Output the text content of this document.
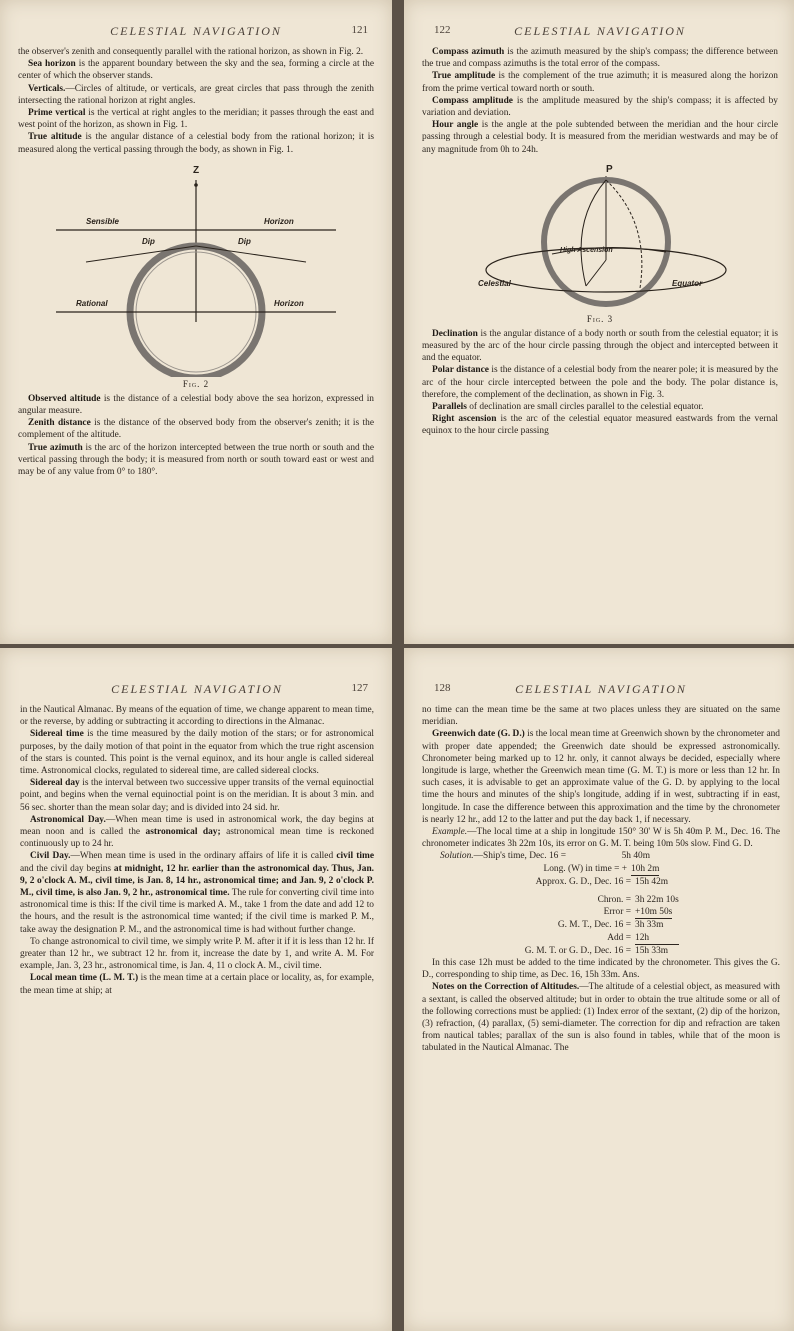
CELESTIAL NAVIGATION	121

the observer's zenith and consequently parallel with the rational horizon, as shown in Fig. 2.

Sea horizon is the apparent boundary between the sky and the sea, forming a circle at the center of which the observer stands.

Verticals.—Circles of altitude, or verticals, are great circles that pass through the zenith intersecting the rational horizon at right angles.

Prime vertical is the vertical at right angles to the meridian; it passes through the east and west point of the horizon, as shown in Fig. 1.

True altitude is the angular distance of a celestial body from the rational horizon; it is measured along the vertical passing through the body, as shown in Fig. 1.

Z
Sensible	Horizon
Dip	Dip
Rational	Horizon
Fig. 2

Observed altitude is the distance of a celestial body above the sea horizon, expressed in angular measure.

Zenith distance is the distance of the observed body from the observer's zenith; it is the complement of the altitude.

True azimuth is the arc of the horizon intercepted between the true north or south and the vertical passing through the body; it is measured from north or south toward east or west and may be of any value from 0° to 180°.

122	CELESTIAL NAVIGATION

Compass azimuth is the azimuth measured by the ship's compass; the difference between the true and compass azimuths is the total error of the compass.

True amplitude is the complement of the true azimuth; it is measured along the horizon from the prime vertical toward north or south.

Compass amplitude is the amplitude measured by the ship's compass; it is affected by variation and deviation.

Hour angle is the angle at the pole subtended between the meridian and the hour circle passing through a celestial body. It is measured from the meridian westwards and may be of any magnitude from 0h to 24h.

P
High Ascension
Celestial	Equator
Fig. 3

Declination is the angular distance of a body north or south from the celestial equator; it is measured by the arc of the hour circle passing through the object and intercepted between it and the equator.

Polar distance is the distance of a celestial body from the nearer pole; it is measured by the arc of the hour circle intercepted between the pole and the body. The polar distance is, therefore, the complement of the declination, as shown in Fig. 3.

Parallels of declination are small circles parallel to the celestial equator.

Right ascension is the arc of the celestial equator measured eastwards from the vernal equinox to the hour circle passing

CELESTIAL NAVIGATION	127

in the Nautical Almanac. By means of the equation of time, we change apparent to mean time, or the reverse, by adding or subtracting it according to directions in the Almanac.

Sidereal time is the time measured by the daily motion of the stars; or for astronomical purposes, by the daily motion of that point in the equator from which the true right ascension of the stars is counted. This point is the vernal equinox, and its hour angle is called sidereal time. Astronomical clocks, regulated to sidereal time, are called sidereal clocks.

Sidereal day is the interval between two successive upper transits of the vernal equinoctial point, and begins when the vernal equinoctial point is on the meridian. It is about 3 min. and 56 sec. shorter than the mean solar day; and is divided into 24 sid. hr.

Astronomical Day.—When mean time is used in astronomical work, the day begins at mean noon and is called the astronomical day; astronomical mean time is reckoned continuously up to 24 hr.

Civil Day.—When mean time is used in the ordinary affairs of life it is called civil time and the civil day begins at midnight, 12 hr. earlier than the astronomical day. Thus, Jan. 9, 2 o'clock A. M., civil time, is Jan. 8, 14 hr., astronomical time; and Jan. 9, 2 o'clock P. M., civil time, is also Jan. 9, 2 hr., astronomical time. The rule for converting civil time into astronomical time is this: If the civil time is marked A. M., take 1 from the date and add 12 to the hours, and the result is the astronomical time wanted; if the civil time is marked P. M., take away the designation P. M., and the astronomical time is had without further change.

To change astronomical to civil time, we simply write P. M. after it if it is less than 12 hr. If greater than 12 hr., we subtract 12 hr. from it, increase the date by 1, and write A. M. For example, Jan. 3, 23 hr., astronomical time, is Jan. 4, 11 o clock A. M., civil time.

Local mean time (L. M. T.) is the mean time at a certain place or locality, as, for example, the mean time at ship; at

128	CELESTIAL NAVIGATION

no time can the mean time be the same at two places unless they are situated on the same meridian.

Greenwich date (G. D.) is the local mean time at Greenwich shown by the chronometer and with proper date appended; the Greenwich date should be expressed astronomically. Chronometer being marked up to 12 hr. only, it cannot always be decided, especially where longitude is large, whether the Greenwich mean time (G. M. T.) is more or less than 12 hr. In such cases, it is advisable to get an approximate value of the G. D. by applying to the local time the hours and minutes of the ship's longitude, adding if in west, subtracting if in east, longitude. In case the difference between this approximation and the time by the chronometer is nearly 12 hr., add 12 to the latter and put the day back 1, if necessary.

Example.—The local time at a ship in longitude 150° 30' W is 5h 40m P. M., Dec. 16. The chronometer indicates 3h 22m 10s, its error on G. M. T. being 10m 50s slow. Find G. D.

Solution. —Ship's time, Dec. 16 =	5h 40m
Long. (W) in time = + 10h 2m
Approx. G. D., Dec. 16 = 15h 42m
Chron. = 3h 22m 10s
Error = +10m 50s
G. M. T., Dec. 16 = 3h 33m
Add = 12h
G. M. T. or G. D., Dec. 16 = 15h 33m

In this case 12h must be added to the time indicated by the chronometer. This gives the G. D., corresponding to ship time, as Dec. 16, 15h 33m. Ans.

Notes on the Correction of Altitudes.—The altitude of a celestial object, as measured with a sextant, is called the observed altitude; but in order to obtain the true altitude some or all of the following corrections must be applied: (1) Index error of the sextant, (2) dip of the horizon, (3) refraction, (4) parallax, (5) semi-diameter. The correction for dip and refraction are taken from nautical tables; parallax of the sun is also found in tables, while that of the moon is tabulated in the Nautical Almanac. The
